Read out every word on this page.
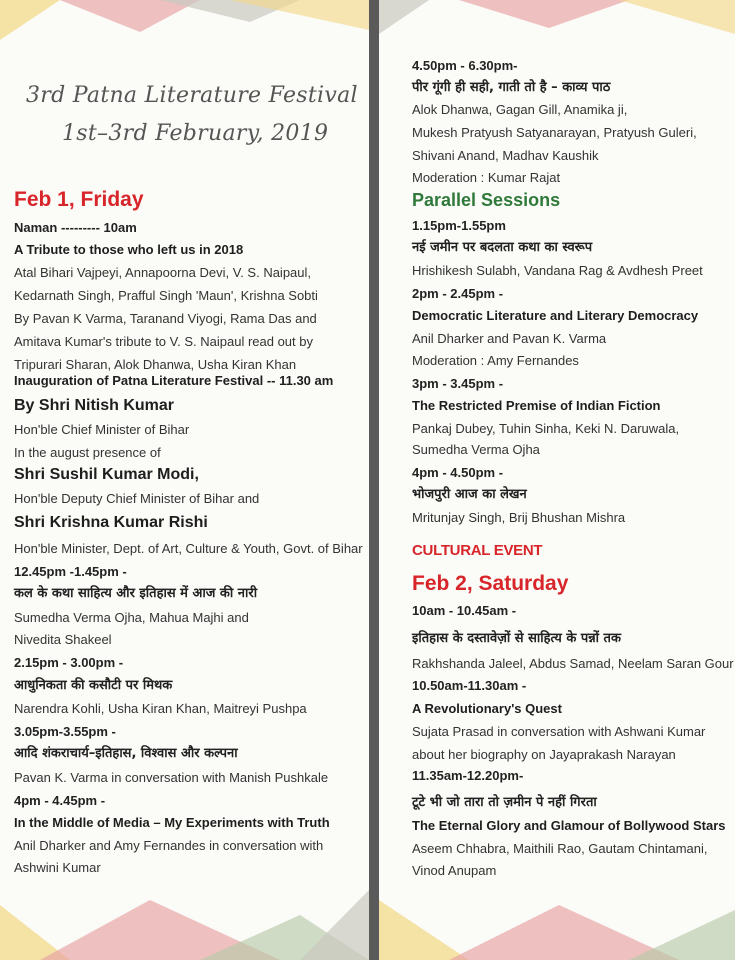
3rd Patna Literature Festival
1st–3rd February, 2019
Feb 1, Friday
Naman --------- 10am
A Tribute to those who left us in 2018
Atal Bihari Vajpeyi, Annapoorna Devi, V. S. Naipaul,
Kedarnath Singh, Prafful Singh 'Maun', Krishna Sobti
By Pavan K Varma, Taranand Viyogi, Rama Das and
Amitava Kumar's tribute to V. S. Naipaul read out by
Tripurari Sharan, Alok Dhanwa, Usha Kiran Khan
Inauguration of Patna Literature Festival -- 11.30 am
By Shri Nitish Kumar
Hon'ble Chief Minister of Bihar
In the august presence of
Shri Sushil Kumar Modi,
Hon'ble Deputy Chief Minister of Bihar and
Shri Krishna Kumar Rishi
Hon'ble Minister, Dept. of Art, Culture & Youth, Govt. of Bihar
12.45pm -1.45pm -
कल के कथा साहित्य और इतिहास में आज की नारी
Sumedha Verma Ojha, Mahua Majhi and
Nivedita Shakeel
2.15pm - 3.00pm -
आधुनिकता की कसौटी पर मिथक
Narendra Kohli, Usha Kiran Khan, Maitreyi Pushpa
3.05pm-3.55pm -
आदि शंकराचार्य–इतिहास, विश्वास और कल्पना
Pavan K. Varma in conversation with Manish Pushkale
4pm - 4.45pm -
In the Middle of Media – My Experiments with Truth
Anil Dharker and Amy Fernandes in conversation with
Ashwini Kumar
4.50pm - 6.30pm-
पीर गूंगी ही सही, गाती तो है – काव्य पाठ
Alok Dhanwa, Gagan Gill, Anamika ji,
Mukesh Pratyush Satyanarayan, Pratyush Guleri,
Shivani Anand, Madhav Kaushik
Moderation : Kumar Rajat
Parallel Sessions
1.15pm-1.55pm
नई जमीन पर बदलता कथा का स्वरूप
Hrishikesh Sulabh, Vandana Rag & Avdhesh Preet
2pm - 2.45pm -
Democratic Literature and Literary Democracy
Anil Dharker and Pavan K. Varma
Moderation : Amy Fernandes
3pm - 3.45pm -
The Restricted Premise of Indian Fiction
Pankaj Dubey, Tuhin Sinha, Keki N. Daruwala,
Sumedha Verma Ojha
4pm - 4.50pm -
भोजपुरी आज का लेखन
Mritunjay Singh, Brij Bhushan Mishra
CULTURAL EVENT
Feb 2, Saturday
10am - 10.45am -
इतिहास के दस्तावेज़ों से साहित्य के पन्नों तक
Rakhshanda Jaleel, Abdus Samad, Neelam Saran Gour
10.50am-11.30am -
A Revolutionary's Quest
Sujata Prasad in conversation with Ashwani Kumar
about her biography on Jayaprakash Narayan
11.35am-12.20pm-
टूटे भी जो तारा तो ज़मीन पे नहीं गिरता
The Eternal Glory and Glamour of Bollywood Stars
Aseem Chhabra, Maithili Rao, Gautam Chintamani,
Vinod Anupam
